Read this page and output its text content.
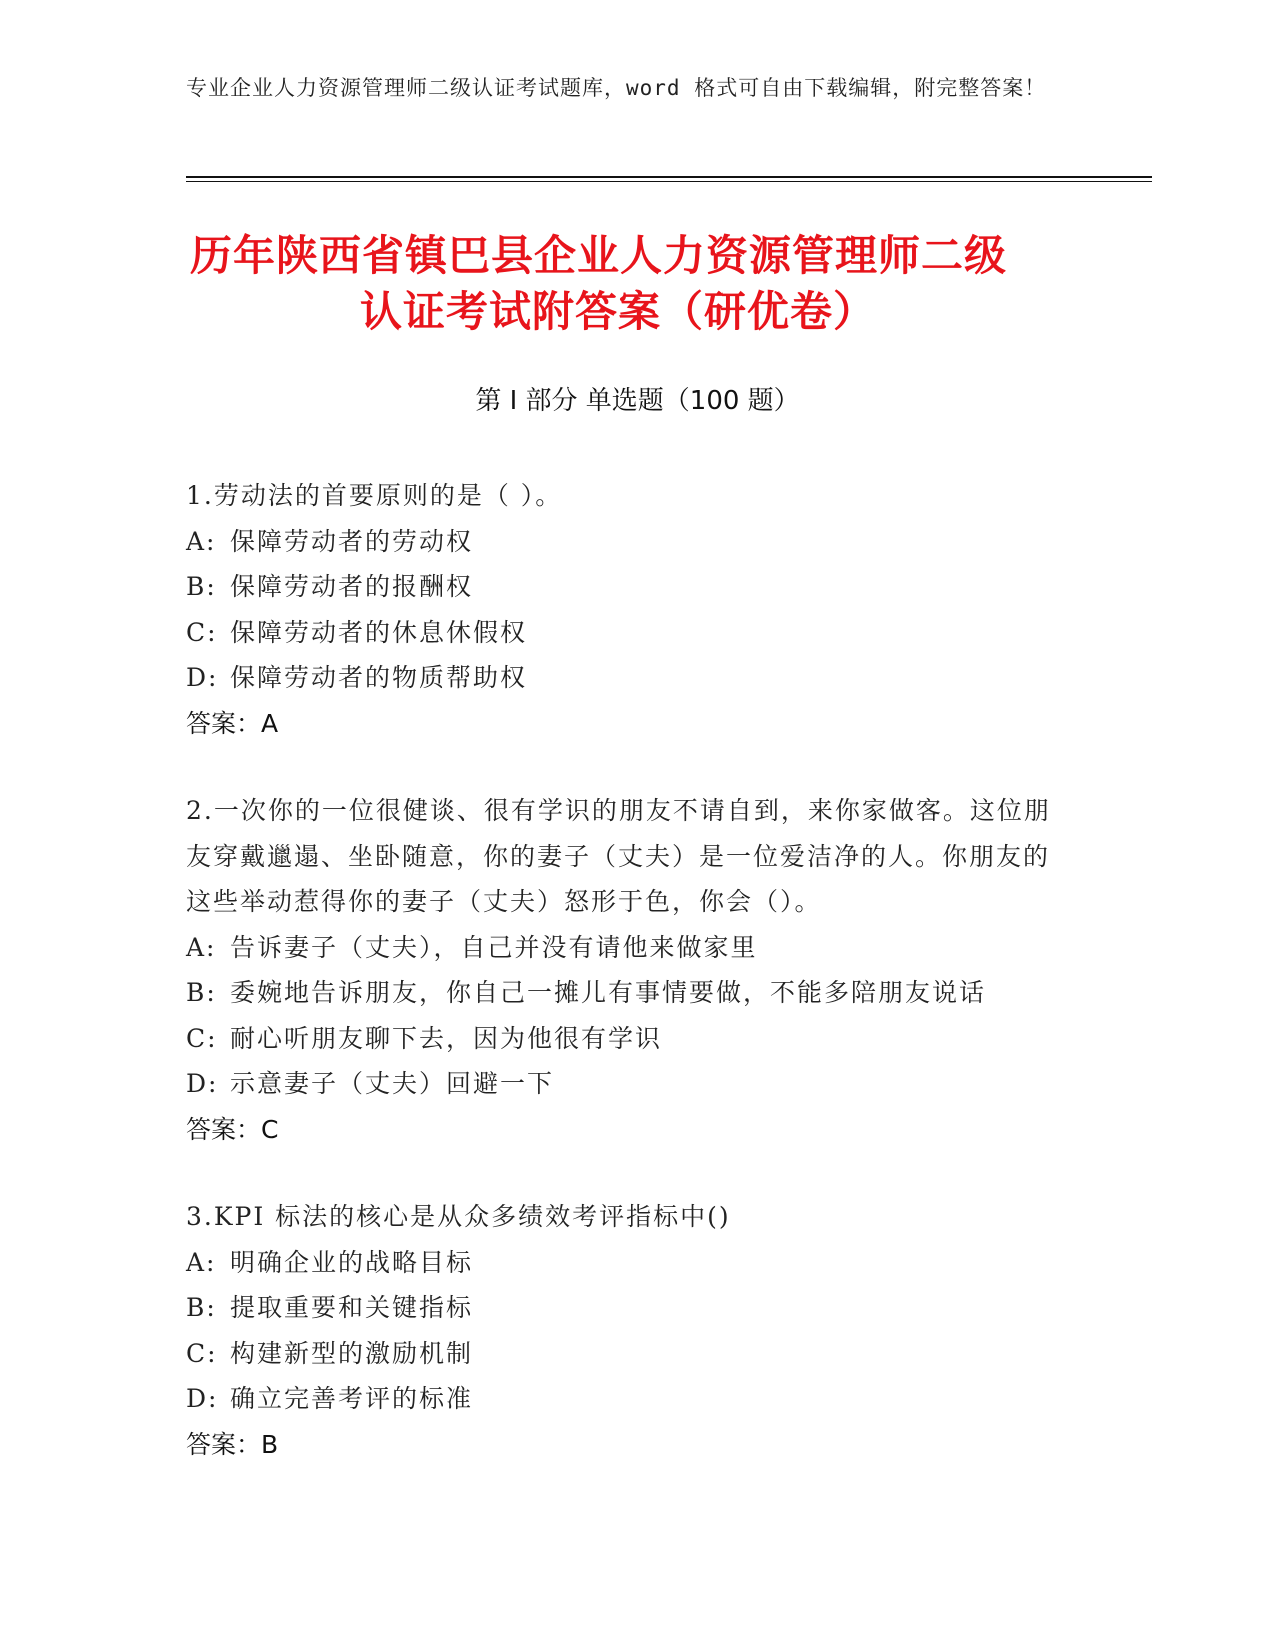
专业企业人力资源管理师二级认证考试题库，word 格式可自由下载编辑，附完整答案！
历年陕西省镇巴县企业人力资源管理师二级
认证考试附答案（研优卷）
第 I 部分 单选题（100 题）

1.劳动法的首要原则的是（ ）。

A: 保障劳动者的劳动权

B: 保障劳动者的报酬权

C: 保障劳动者的休息休假权

D: 保障劳动者的物质帮助权

答案：A

2.一次你的一位很健谈、很有学识的朋友不请自到，来你家做客。这位朋友穿戴邋遢、坐卧随意，你的妻子（丈夫）是一位爱洁净的人。你朋友的这些举动惹得你的妻子（丈夫）怒形于色，你会（）。

A: 告诉妻子（丈夫），自己并没有请他来做家里

B: 委婉地告诉朋友，你自己一摊儿有事情要做，不能多陪朋友说话

C: 耐心听朋友聊下去，因为他很有学识

D: 示意妻子（丈夫）回避一下

答案：C

3.KPI 标法的核心是从众多绩效考评指标中()

A: 明确企业的战略目标

B: 提取重要和关键指标

C: 构建新型的激励机制

D: 确立完善考评的标准

答案：B
